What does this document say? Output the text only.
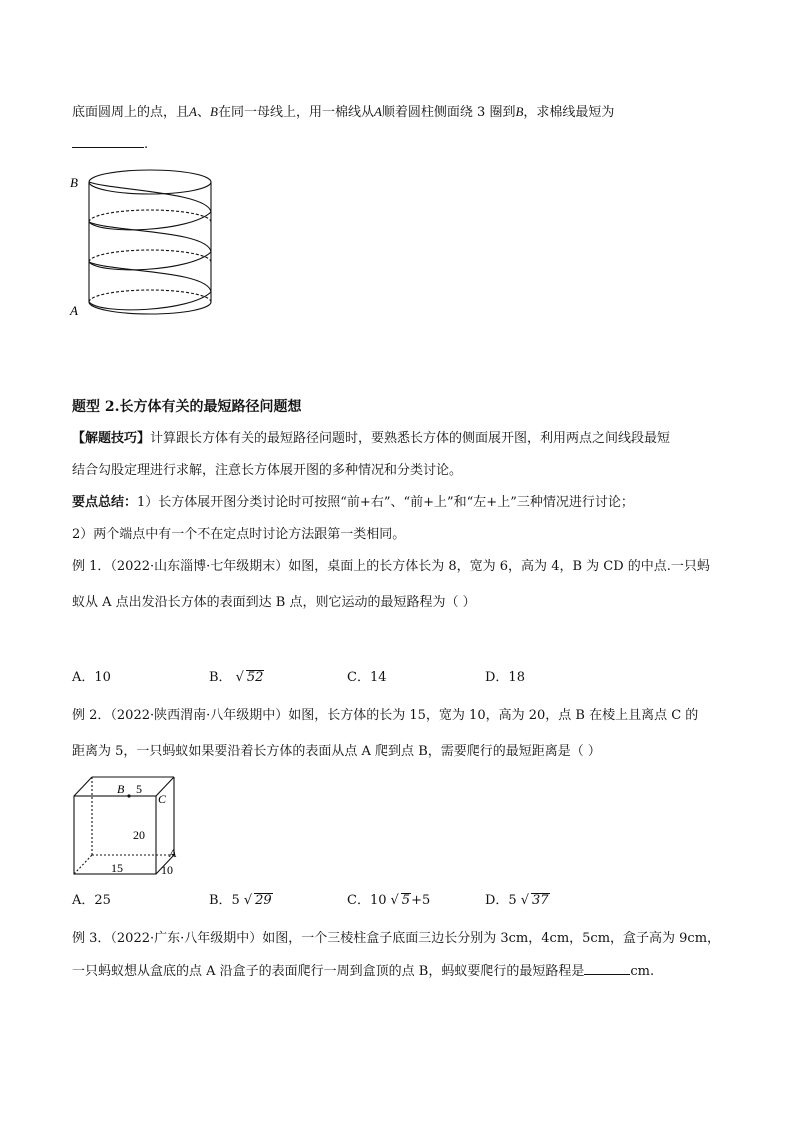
底面圆周上的点，且A、B在同一母线上，用一棉线从A顺着圆柱侧面绕 3 圈到B，求棉线最短为
.
B
A
题型 2.长方体有关的最短路径问题想
【解题技巧】计算跟长方体有关的最短路径问题时，要熟悉长方体的侧面展开图，利用两点之间线段最短
结合勾股定理进行求解，注意长方体展开图的多种情况和分类讨论。
要点总结：1）长方体展开图分类讨论时可按照“前+右”、“前+上”和“左+上”三种情况进行讨论；
2）两个端点中有一个不在定点时讨论方法跟第一类相同。
例 1．（2022·山东淄博·七年级期末）如图，桌面上的长方体长为 8，宽为 6，高为 4，B 为 CD 的中点.一只蚂
蚁从 A 点出发沿长方体的表面到达 B 点，则它运动的最短路程为（ ）
A．10	B． √ 52	C．14	D．18
例 2．（2022·陕西渭南·八年级期中）如图，长方体的长为 15，宽为 10，高为 20，点 B 在棱上且离点 C 的
距离为 5，一只蚂蚁如果要沿着长方体的表面从点 A 爬到点 B，需要爬行的最短距离是（ ）
B 5
C
20
A
15	10
A．25	B．5 √ 29	C．10 √ 5+5	D．5 √ 37
例 3．（2022·广东·八年级期中）如图，一个三棱柱盒子底面三边长分别为 3cm，4cm，5cm，盒子高为 9cm，
一只蚂蚁想从盒底的点 A 沿盒子的表面爬行一周到盒顶的点 B，蚂蚁要爬行的最短路程是	cm.
